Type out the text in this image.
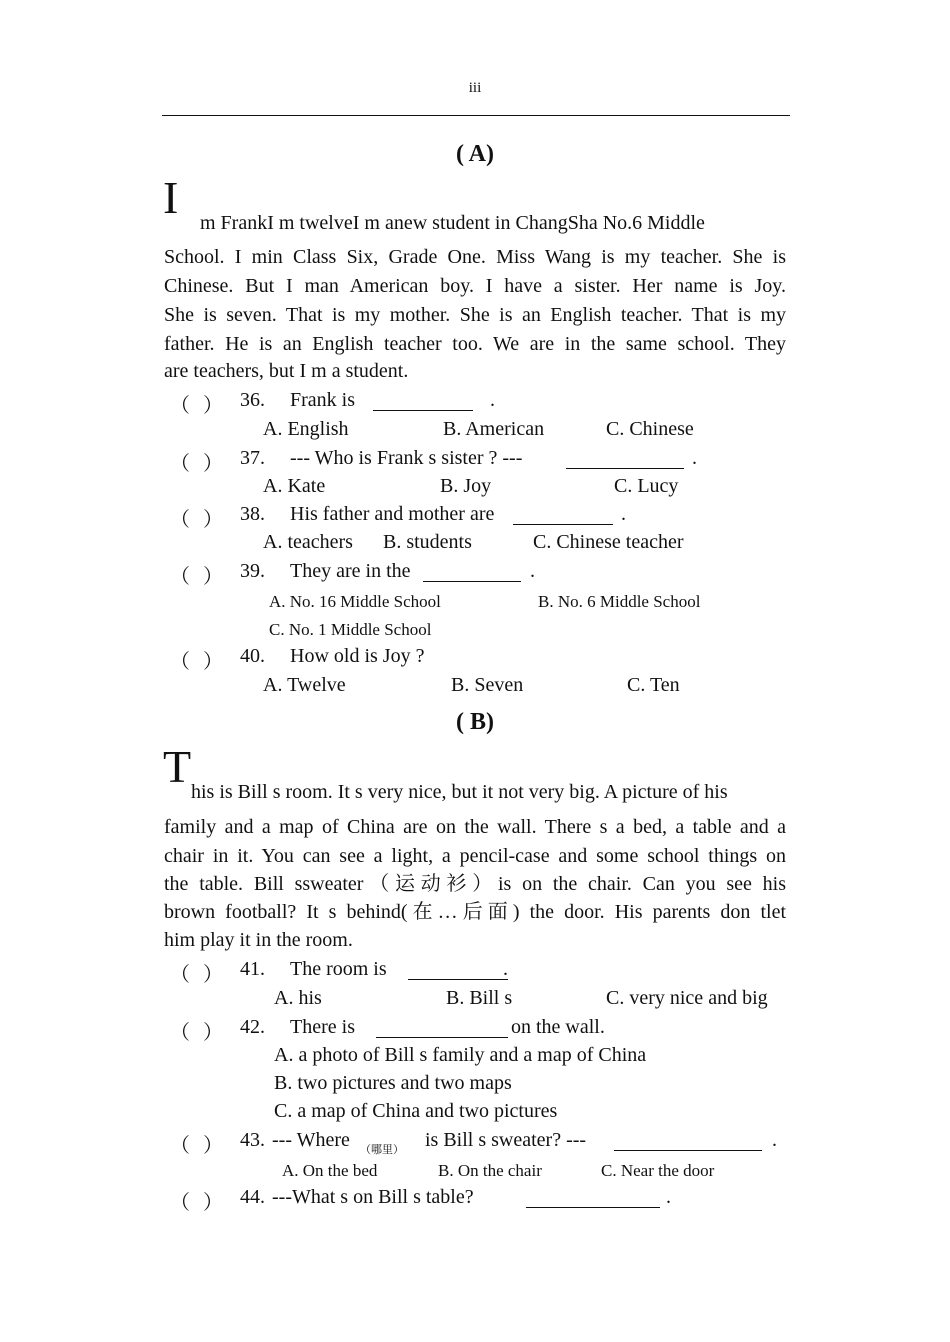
iii
( A)
I m FrankI m twelveI m anew student in ChangSha No.6 Middle
School. I min Class Six, Grade One. Miss Wang is my teacher. She is
Chinese. But I man American boy. I have a sister. Her name is Joy.
She is seven. That is my mother. She is an English teacher. That is my
father. He is an English teacher too. We are in the same school. They
are teachers, but I m a student.
（ ） 36. Frank is	.
A. English	B. American	C. Chinese
（ ） 37. --- Who is Frank s sister ? ---	.
A. Kate	B. Joy	C. Lucy
（ ） 38. His father and mother are	.
A. teachers B. students	C. Chinese teacher
（ ） 39. They are in the	.
A. No. 16 Middle School	B. No. 6 Middle School
C. No. 1 Middle School
（ ） 40. How old is Joy ?
A. Twelve	B. Seven	C. Ten
( B)
T his is Bill s room. It s very nice, but it not very big. A picture of his
family and a map of China are on the wall. There s a bed, a table and a
chair in it. You can see a light, a pencil-case and some school things on
the table. Bill ssweater（运动衫）is on the chair. Can you see his
brown football? It s behind(在…后面) the door. His parents don tlet
him play it in the room.
（ ） 41. The room is	.
A. his	B. Bill s	C. very nice and big
（ ） 42. There is	on the wall.
A. a photo of Bill s family and a map of China
B. two pictures and two maps
C. a map of China and two pictures
（ ） 43. --- Where （哪里） is Bill s sweater? ---	.
A. On the bed	B. On the chair	C. Near the door
（ ） 44. ---What s on Bill s table?	.
